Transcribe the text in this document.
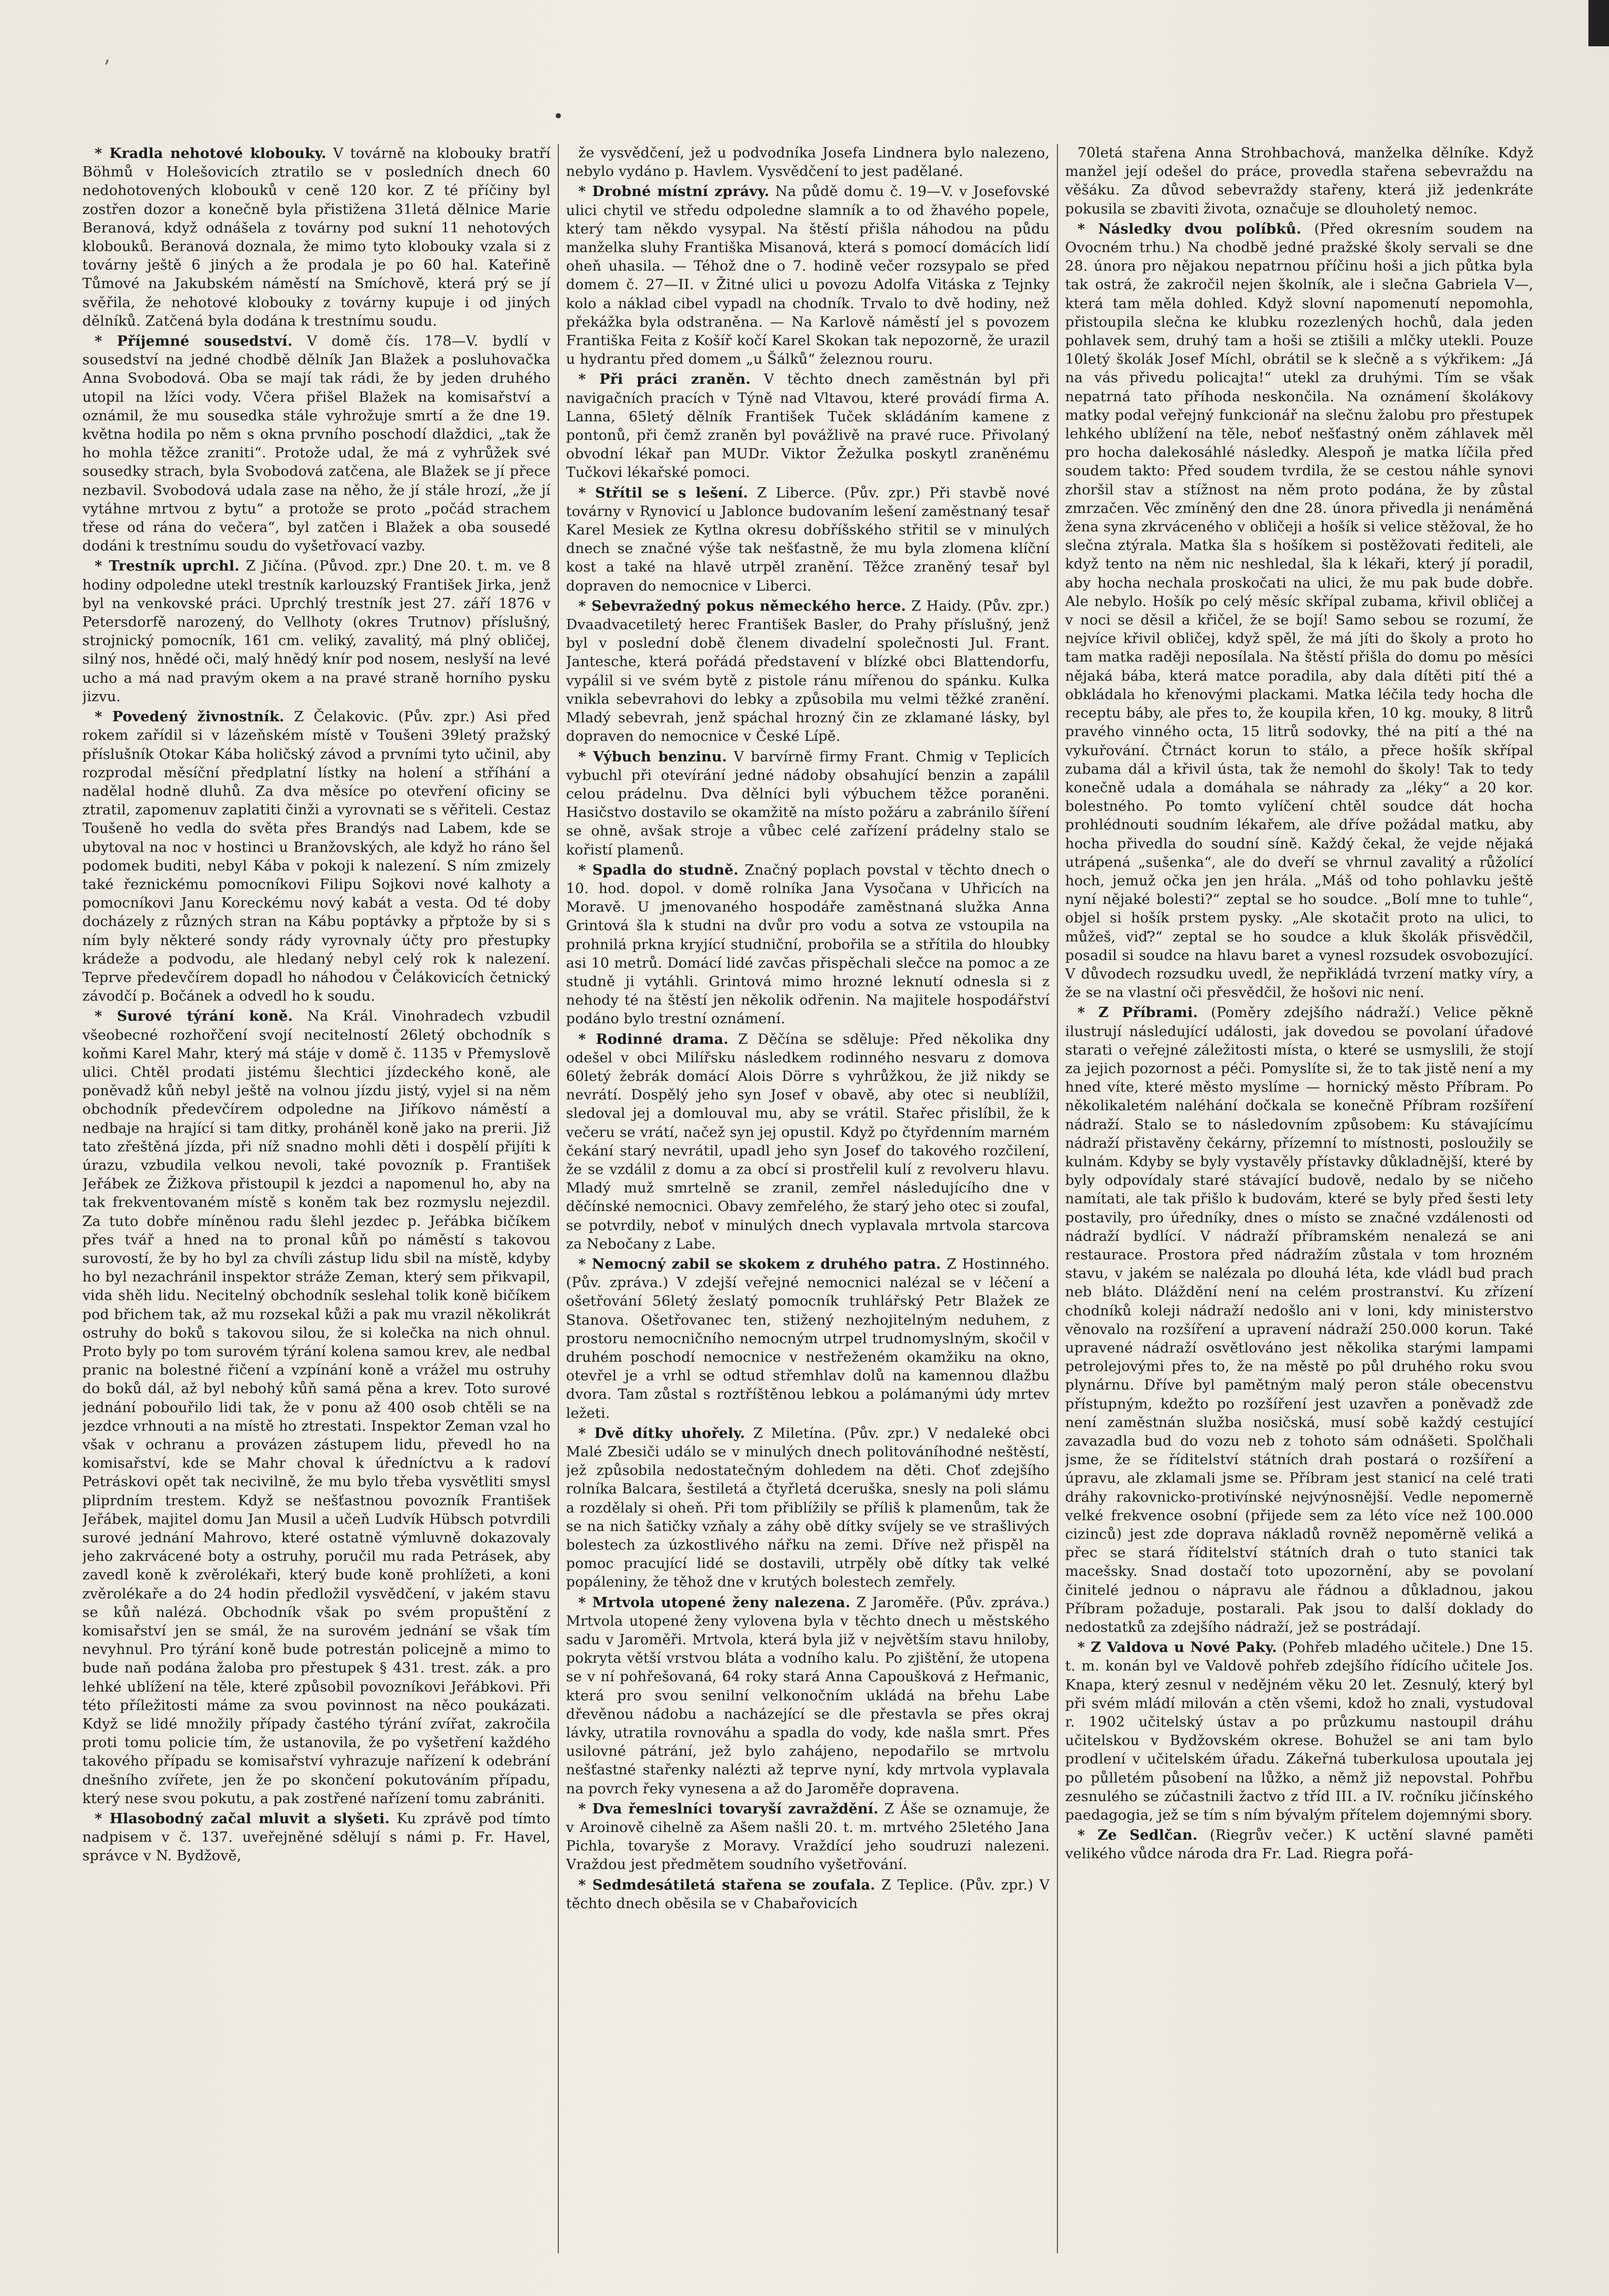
ʼ

* Kradla nehotové klobouky. V továrně na klobouky bratří Böhmů v Holešovicích ztratilo se v posledních dnech 60 nedohotovených klobouků v ceně 120 kor. Z té příčiny byl zostřen dozor a konečně byla přistižena 31letá dělnice Marie Beranová, když odnášela z továrny pod sukní 11 nehotových klobouků. Beranová doznala, že mimo tyto klobouky vzala si z továrny ještě 6 jiných a že prodala je po 60 hal. Kateřině Tůmové na Jakubském náměstí na Smíchově, která prý se jí svěřila, že nehotové klobouky z továrny kupuje i od jiných dělníků. Zatčená byla dodána k trestnímu soudu.

* Příjemné sousedství. V domě čís. 178—V. bydlí v sousedství na jedné chodbě dělník Jan Blažek a posluhovačka Anna Svobodová. Oba se mají tak rádi, že by jeden druhého utopil na lžíci vody. Včera přišel Blažek na komisařství a oznámil, že mu sousedka stále vyhrožuje smrtí a že dne 19. května hodila po něm s okna prvního poschodí dlaždici, „tak že ho mohla těžce zraniti“. Protože udal, že má z vyhrůžek své sousedky strach, byla Svobodová zatčena, ale Blažek se jí přece nezbavil. Svobodová udala zase na něho, že jí stále hrozí, „že jí vytáhne mrtvou z bytu“ a protože se proto „počád strachem třese od rána do večera“, byl zatčen i Blažek a oba sousedé dodáni k trestnímu soudu do vyšetřovací vazby.

* Trestník uprchl. Z Jičína. (Původ. zpr.) Dne 20. t. m. ve 8 hodiny odpoledne utekl trestník karlouzský František Jirka, jenž byl na venkovské práci. Uprchlý trestník jest 27. září 1876 v Petersdorfě narozený, do Vellhoty (okres Trutnov) příslušný, strojnický pomocník, 161 cm. veliký, zavalitý, má plný obličej, silný nos, hnědé oči, malý hnědý knír pod nosem, neslyší na levé ucho a má nad pravým okem a na pravé straně horního pysku jizvu.

* Povedený živnostník. Z Čelakovic. (Pův. zpr.) Asi před rokem zařídil si v lázeňském místě v Toušeni 39letý pražský příslušník Otokar Kába holičský závod a prvními tyto učinil, aby rozprodal měsíční předplatní lístky na holení a stříhání a nadělal hodně dluhů. Za dva měsíce po otevření oficiny se ztratil, zapomenuv zaplatiti činži a vyrovnati se s věřiteli. Cestaz Toušeně ho vedla do světa přes Brandýs nad Labem, kde se ubytoval na noc v hostinci u Branžovských, ale když ho ráno šel podomek buditi, nebyl Kába v pokoji k nalezení. S ním zmizely také řeznickému pomocníkovi Filipu Sojkovi nové kalhoty a pomocníkovi Janu Koreckému nový kabát a vesta. Od té doby docházely z různých stran na Kábu poptávky a přptože by si s ním byly některé sondy rády vyrovnaly účty pro přestupky krádeže a podvodu, ale hledaný nebyl celý rok k nalezení. Teprve předevčírem dopadl ho náhodou v Čelákovicích četnický závodčí p. Bočánek a odvedl ho k soudu.

* Surové týrání koně. Na Král. Vinohradech vzbudil všeobecné rozhořčení svojí necitelností 26letý obchodník s koňmi Karel Mahr, který má stáje v domě č. 1135 v Přemyslově ulici. Chtěl prodati jistému šlechtici jízdeckého koně, ale poněvadž kůň nebyl ještě na volnou jízdu jistý, vyjel si na něm obchodník předevčírem odpoledne na Jiříkovo náměstí a nedbaje na hrající si tam ditky, proháněl koně jako na prerii. Již tato zřeštěná jízda, při níž snadno mohli děti i dospělí přijíti k úrazu, vzbudila velkou nevoli, také povozník p. František Jeřábek ze Žižkova přistoupil k jezdci a napomenul ho, aby na tak frekventovaném místě s koněm tak bez rozmyslu nejezdil. Za tuto dobře míněnou radu šlehl jezdec p. Jeřábka bičíkem přes tvář a hned na to pronal kůň po náměstí s takovou surovostí, že by ho byl za chvíli zástup lidu sbil na místě, kdyby ho byl nezachránil inspektor stráže Zeman, který sem přikvapil, vida shěh lidu. Necitelný obchodník seslehal tolik koně bičíkem pod břichem tak, až mu rozsekal kůži a pak mu vrazil několikrát ostruhy do boků s takovou silou, že si kolečka na nich ohnul. Proto byly po tom surovém týrání kolena samou krev, ale nedbal pranic na bolestné řičení a vzpínání koně a vrážel mu ostruhy do boků dál, až byl nebohý kůň samá pěna a krev. Toto surové jednání pobouřilo lidi tak, že v ponu až 400 osob chtěli se na jezdce vrhnouti a na místě ho ztrestati. Inspektor Zeman vzal ho však v ochranu a provázen zástupem lidu, převedl ho na komisařství, kde se Mahr choval k úředníctvu a k radoví Petráskovi opět tak necivilně, že mu bylo třeba vysvětliti smysl pliprdním trestem. Když se nešťastnou povozník František Jeřábek, majitel domu Jan Musil a učeň Ludvík Hübsch potvrdili surové jednání Mahrovo, které ostatně výmluvně dokazovaly jeho zakrvácené boty a ostruhy, poručil mu rada Petrásek, aby zavedl koně k zvěrolékaři, který bude koně prohlížeti, a koni zvěrolékaře a do 24 hodin předložil vysvědčení, v jakém stavu se kůň nalézá. Obchodník však po svém propuštění z komisařství jen se smál, že na surovém jednání se však tím nevyhnul. Pro týrání koně bude potrestán policejně a mimo to bude naň podána žaloba pro přestupek § 431. trest. zák. a pro lehké ublížení na těle, které způsobil povozníkovi Jeřábkovi. Při této příležitosti máme za svou povinnost na něco poukázati. Když se lidé množily případy častého týrání zvířat, zakročila proti tomu policie tím, že ustanovila, že po vyšetření každého takového případu se komisařství vyhrazuje nařízení k odebrání dnešního zvířete, jen že po skončení pokutováním případu, který nese svou pokutu, a pak zostřené nařízení tomu zabrániti.

* Hlasobodný začal mluvit a slyšeti. Ku zprávě pod tímto nadpisem v č. 137. uveřejněné sdělují s námi p. Fr. Havel, správce v N. Bydžově,

že vysvědčení, jež u podvodníka Josefa Lindnera bylo nalezeno, nebylo vydáno p. Havlem. Vysvědčení to jest padělané.

* Drobné místní zprávy. Na půdě domu č. 19—V. v Josefovské ulici chytil ve středu odpoledne slamník a to od žhavého popele, který tam někdo vysypal. Na štěstí přišla náhodou na půdu manželka sluhy Františka Misanová, která s pomocí domácích lidí oheň uhasila. — Téhož dne o 7. hodině večer rozsypalo se před domem č. 27—II. v Žitné ulici u povozu Adolfa Vitáska z Tejnky kolo a náklad cibel vypadl na chodník. Trvalo to dvě hodiny, než překážka byla odstraněna. — Na Karlově náměstí jel s povozem Františka Feita z Košíř kočí Karel Skokan tak nepozorně, že urazil u hydrantu před domem „u Šálků“ železnou rouru.

* Při práci zraněn. V těchto dnech zaměstnán byl při navigačních pracích v Týně nad Vltavou, které provádí firma A. Lanna, 65letý dělník František Tuček skládáním kamene z pontonů, při čemž zraněn byl povážlivě na pravé ruce. Přivolaný obvodní lékař pan MUDr. Viktor Žežulka poskytl zraněnému Tučkovi lékařské pomoci.

* Střítil se s lešení. Z Liberce. (Pův. zpr.) Při stavbě nové továrny v Rynovicí u Jablonce budovaním lešení zaměstnaný tesař Karel Mesiek ze Kytlna okresu dobříšského střitil se v minulých dnech se značné výše tak nešťastně, že mu byla zlomena klíční kost a také na hlavě utrpěl zranění. Těžce zraněný tesař byl dopraven do nemocnice v Liberci.

* Sebevražedný pokus německého herce. Z Haidy. (Pův. zpr.) Dvaadvacetiletý herec František Basler, do Prahy příslušný, jenž byl v poslední době členem divadelní společnosti Jul. Frant. Jantesche, která pořádá představení v blízké obci Blattendorfu, vypálil si ve svém bytě z pistole ránu mířenou do spánku. Kulka vnikla sebevrahovi do lebky a způsobila mu velmi těžké zranění. Mladý sebevrah, jenž spáchal hrozný čin ze zklamané lásky, byl dopraven do nemocnice v České Lípě.

* Výbuch benzinu. V barvírně firmy Frant. Chmig v Teplicích vybuchl při otevírání jedné nádoby obsahující benzin a zapálil celou prádelnu. Dva dělníci byli výbuchem těžce poraněni. Hasičstvo dostavilo se okamžitě na místo požáru a zabránilo šíření se ohně, avšak stroje a vůbec celé zařízení prádelny stalo se kořistí plamenů.

* Spadla do studně. Značný poplach povstal v těchto dnech o 10. hod. dopol. v domě rolníka Jana Vysočana v Uhřicích na Moravě. U jmenovaného hospodáře zaměstnaná služka Anna Grintová šla k studni na dvůr pro vodu a sotva ze vstoupila na prohnilá prkna kryjící studniční, probořila se a střítila do hloubky asi 10 metrů. Domácí lidé zavčas přispěchali slečce na pomoc a ze studně ji vytáhli. Grintová mimo hrozné leknutí odnesla si z nehody té na štěstí jen několik odřenin. Na majitele hospodářství podáno bylo trestní oznámení.

* Rodinné drama. Z Děčína se sděluje: Před několika dny odešel v obci Milířsku následkem rodinného nesvaru z domova 60letý žebrák domácí Alois Dörre s vyhrůžkou, že již nikdy se nevrátí. Dospělý jeho syn Josef v obavě, aby otec si neublížil, sledoval jej a domlouval mu, aby se vrátil. Stařec přislíbil, že k večeru se vrátí, načež syn jej opustil. Když po čtyřdenním marném čekání starý nevrátil, upadl jeho syn Josef do takového rozčilení, že se vzdálil z domu a za obcí si prostřelil kulí z revolveru hlavu. Mladý muž smrtelně se zranil, zemřel následujícího dne v děčínské nemocnici. Obavy zemřelého, že starý jeho otec si zoufal, se potvrdily, neboť v minulých dnech vyplavala mrtvola starcova za Nebočany z Labe.

* Nemocný zabil se skokem z druhého patra. Z Hostinného. (Pův. zpráva.) V zdejší veřejné nemocnici nalézal se v léčení a ošetřování 56letý žeslatý pomocník truhlářský Petr Blažek ze Stanova. Ošetřovanec ten, stižený nezhojitelným neduhem, z prostoru nemocničního nemocným utrpel trudnomyslným, skočil v druhém poschodí nemocnice v nestřeženém okamžiku na okno, otevřel je a vrhl se odtud střemhlav dolů na kamennou dlažbu dvora. Tam zůstal s roztříštěnou lebkou a polámanými údy mrtev ležeti.

* Dvě dítky uhořely. Z Miletína. (Pův. zpr.) V nedaleké obci Malé Zbesiči událo se v minulých dnech politováníhodné neštěstí, jež způsobila nedostatečným dohledem na děti. Choť zdejšího rolníka Balcara, šestiletá a čtyřletá dceruška, snesly na poli slámu a rozdělaly si oheň. Při tom přiblížily se příliš k plamenům, tak že se na nich šatičky vzňaly a záhy obě dítky svíjely se ve strašlivých bolestech za úzkostlivého nářku na zemi. Dříve než přispěl na pomoc pracující lidé se dostavili, utrpěly obě dítky tak velké popáleniny, že těhož dne v krutých bolestech zemřely.

* Mrtvola utopené ženy nalezena. Z Jaroměře. (Pův. zpráva.) Mrtvola utopené ženy vylovena byla v těchto dnech u městského sadu v Jaroměři. Mrtvola, která byla již v největším stavu hniloby, pokryta větší vrstvou bláta a vodního kalu. Po zjištění, že utopena se v ní pohřešovaná, 64 roky stará Anna Capoušková z Heřmanic, která pro svou senilní velkonočním ukládá na břehu Labe dřevěnou nádobu a nacházející se dle přestavla se přes okraj lávky, utratila rovnováhu a spadla do vody, kde našla smrt. Přes usilovné pátrání, jež bylo zahájeno, nepodařilo se mrtvolu nešťastné stařenky nalézti až teprve nyní, kdy mrtvola vyplavala na povrch řeky vynesena a až do Jaroměře dopravena.

* Dva řemeslníci tovaryší zavraždění. Z Áše se oznamuje, že v Aroinově cihelně za Ašem našli 20. t. m. mrtvého 25letého Jana Pichla, tovaryše z Moravy. Vraždící jeho soudruzi nalezeni. Vraždou jest předmětem soudního vyšetřování.

* Sedmdesátiletá stařena se zoufala. Z Teplice. (Pův. zpr.) V těchto dnech oběsila se v Chabařovicích

70letá stařena Anna Strohbachová, manželka dělníke. Když manžel její odešel do práce, provedla stařena sebevraždu na věšáku. Za důvod sebevraždy stařeny, která již jedenkráte pokusila se zbaviti života, označuje se dlouholetý nemoc.

* Následky dvou políbků. (Před okresním soudem na Ovocném trhu.) Na chodbě jedné pražské školy servali se dne 28. února pro nějakou nepatrnou příčinu hoši a jich půtka byla tak ostrá, že zakročil nejen školník, ale i slečna Gabriela V—, která tam měla dohled. Když slovní napomenutí nepomohla, přistoupila slečna ke klubku rozezlených hochů, dala jeden pohlavek sem, druhý tam a hoši se ztišili a mlčky utekli. Pouze 10letý školák Josef Míchl, obrátil se k slečně a s výkřikem: „Já na vás přivedu policajta!“ utekl za druhými. Tím se však nepatrná tato příhoda neskončila. Na oznámení školákovy matky podal veřejný funkcionář na slečnu žalobu pro přestupek lehkého ublížení na těle, neboť nešťastný oněm záhlavek měl pro hocha dalekosáhlé následky. Alespoň je matka líčila před soudem takto: Před soudem tvrdila, že se cestou náhle synovi zhoršil stav a stížnost na něm proto podána, že by zůstal zmrzačen. Věc zmíněný den dne 28. února přivedla ji nenáměná žena syna zkrváceného v obličeji a hošík si velice stěžoval, že ho slečna ztýrala. Matka šla s hošíkem si postěžovati řediteli, ale když tento na něm nic neshledal, šla k lékaři, který jí poradil, aby hocha nechala proskočati na ulici, že mu pak bude dobře. Ale nebylo. Hošík po celý měsíc skřípal zubama, křivil obličej a v noci se děsil a křičel, že se bojí! Samo sebou se rozumí, že nejvíce křivil obličej, když spěl, že má jíti do školy a proto ho tam matka raději neposílala. Na štěstí přišla do domu po měsíci nějaká bába, která matce poradila, aby dala dítěti pití thé a obkládala ho křenovými plackami. Matka léčila tedy hocha dle receptu báby, ale přes to, že koupila křen, 10 kg. mouky, 8 litrů pravého vinného octa, 15 litrů sodovky, thé na pití a thé na vykuřování. Čtrnáct korun to stálo, a přece hošík skřípal zubama dál a křivil ústa, tak že nemohl do školy! Tak to tedy konečně udala a domáhala se náhrady za „léky“ a 20 kor. bolestného. Po tomto vylíčení chtěl soudce dát hocha prohlédnouti soudním lékařem, ale dříve požádal matku, aby hocha přivedla do soudní síně. Každý čekal, že vejde nějaká utrápená „sušenka“, ale do dveří se vhrnul zavalitý a růžolící hoch, jemuž očka jen jen hrála. „Máš od toho pohlavku ještě nyní nějaké bolesti?“ zeptal se ho soudce. „Bolí mne to tuhle“, objel si hošík prstem pysky. „Ale skotačit proto na ulici, to můžeš, viď?“ zeptal se ho soudce a kluk školák přisvědčil, posadil si soudce na hlavu baret a vynesl rozsudek osvobozující. V důvodech rozsudku uvedl, že nepřikládá tvrzení matky víry, a že se na vlastní oči přesvědčil, že hošovi nic není.

* Z Příbrami. (Poměry zdejšího nádraží.) Velice pěkně ilustrují následující události, jak dovedou se povolaní úřadové starati o veřejné záležitosti místa, o které se usmyslili, že stojí za jejich pozornost a péči. Pomyslíte si, že to tak jistě není a my hned víte, které město myslíme — hornický město Příbram. Po několikaletém naléhání dočkala se konečně Příbram rozšíření nádraží. Stalo se to následovním způsobem: Ku stávajícímu nádraží přistavěny čekárny, přízemní to místnosti, posloužily se kulnám. Kdyby se byly vystavěly přístavky důkladnější, které by byly odpovídaly staré stávající budově, nedalo by se ničeho namítati, ale tak přišlo k budovám, které se byly před šesti lety postavily, pro úředníky, dnes o místo se značné vzdálenosti od nádraží bydlící. V nádraží příbramském nenalezá se ani restaurace. Prostora před nádražím zůstala v tom hrozném stavu, v jakém se nalézala po dlouhá léta, kde vládl bud prach neb bláto. Dláždění není na celém prostranství. Ku zřízení chodníků koleji nádraží nedošlo ani v loni, kdy ministerstvo věnovalo na rozšíření a upravení nádraží 250.000 korun. Také upravené nádraží osvětlováno jest několika starými lampami petrolejovými přes to, že na městě po půl druhého roku svou plynárnu. Dříve byl pamětným malý peron stále obecenstvu přístupným, kdežto po rozšíření jest uzavřen a poněvadž zde není zaměstnán služba nosičská, musí sobě každý cestující zavazadla bud do vozu neb z tohoto sám odnášeti. Spolčhali jsme, že se říditelství státních drah postará o rozšíření a úpravu, ale zklamali jsme se. Příbram jest stanicí na celé trati dráhy rakovnicko-protivínské nejvýnosnější. Vedle nepomerně velké frekvence osobní (přijede sem za léto více než 100.000 cizinců) jest zde doprava nákladů rovněž nepoměrně veliká a přec se stará říditelství státních drah o tuto stanici tak macešsky. Snad dostačí toto upozornění, aby se povolaní činitelé jednou o nápravu ale řádnou a důkladnou, jakou Příbram požaduje, postarali. Pak jsou to další doklady do nedostatků za zdejšího nádraží, jež se postrádají.

* Z Valdova u Nové Paky. (Pohřeb mladého učitele.) Dne 15. t. m. konán byl ve Valdově pohřeb zdejšího řídícího učitele Jos. Knapa, který zesnul v nedějném věku 20 let. Zesnulý, který byl při svém mládí milován a ctěn všemi, kdož ho znali, vystudoval r. 1902 učitelský ústav a po průzkumu nastoupil dráhu učitelskou v Bydžovském okrese. Bohužel se ani tam bylo prodlení v učitelském úřadu. Zákeřná tuberkulosa upoutala jej po půlletém působení na lůžko, a němž již nepovstal. Pohřbu zesnulého se zúčastnili žactvo z tříd III. a IV. ročníku jičínského paedagogia, jež se tím s ním bývalým přítelem dojemnými sbory.

* Ze Sedlčan. (Riegrův večer.) K uctění slavné paměti velikého vůdce národa dra Fr. Lad. Riegra pořá-
